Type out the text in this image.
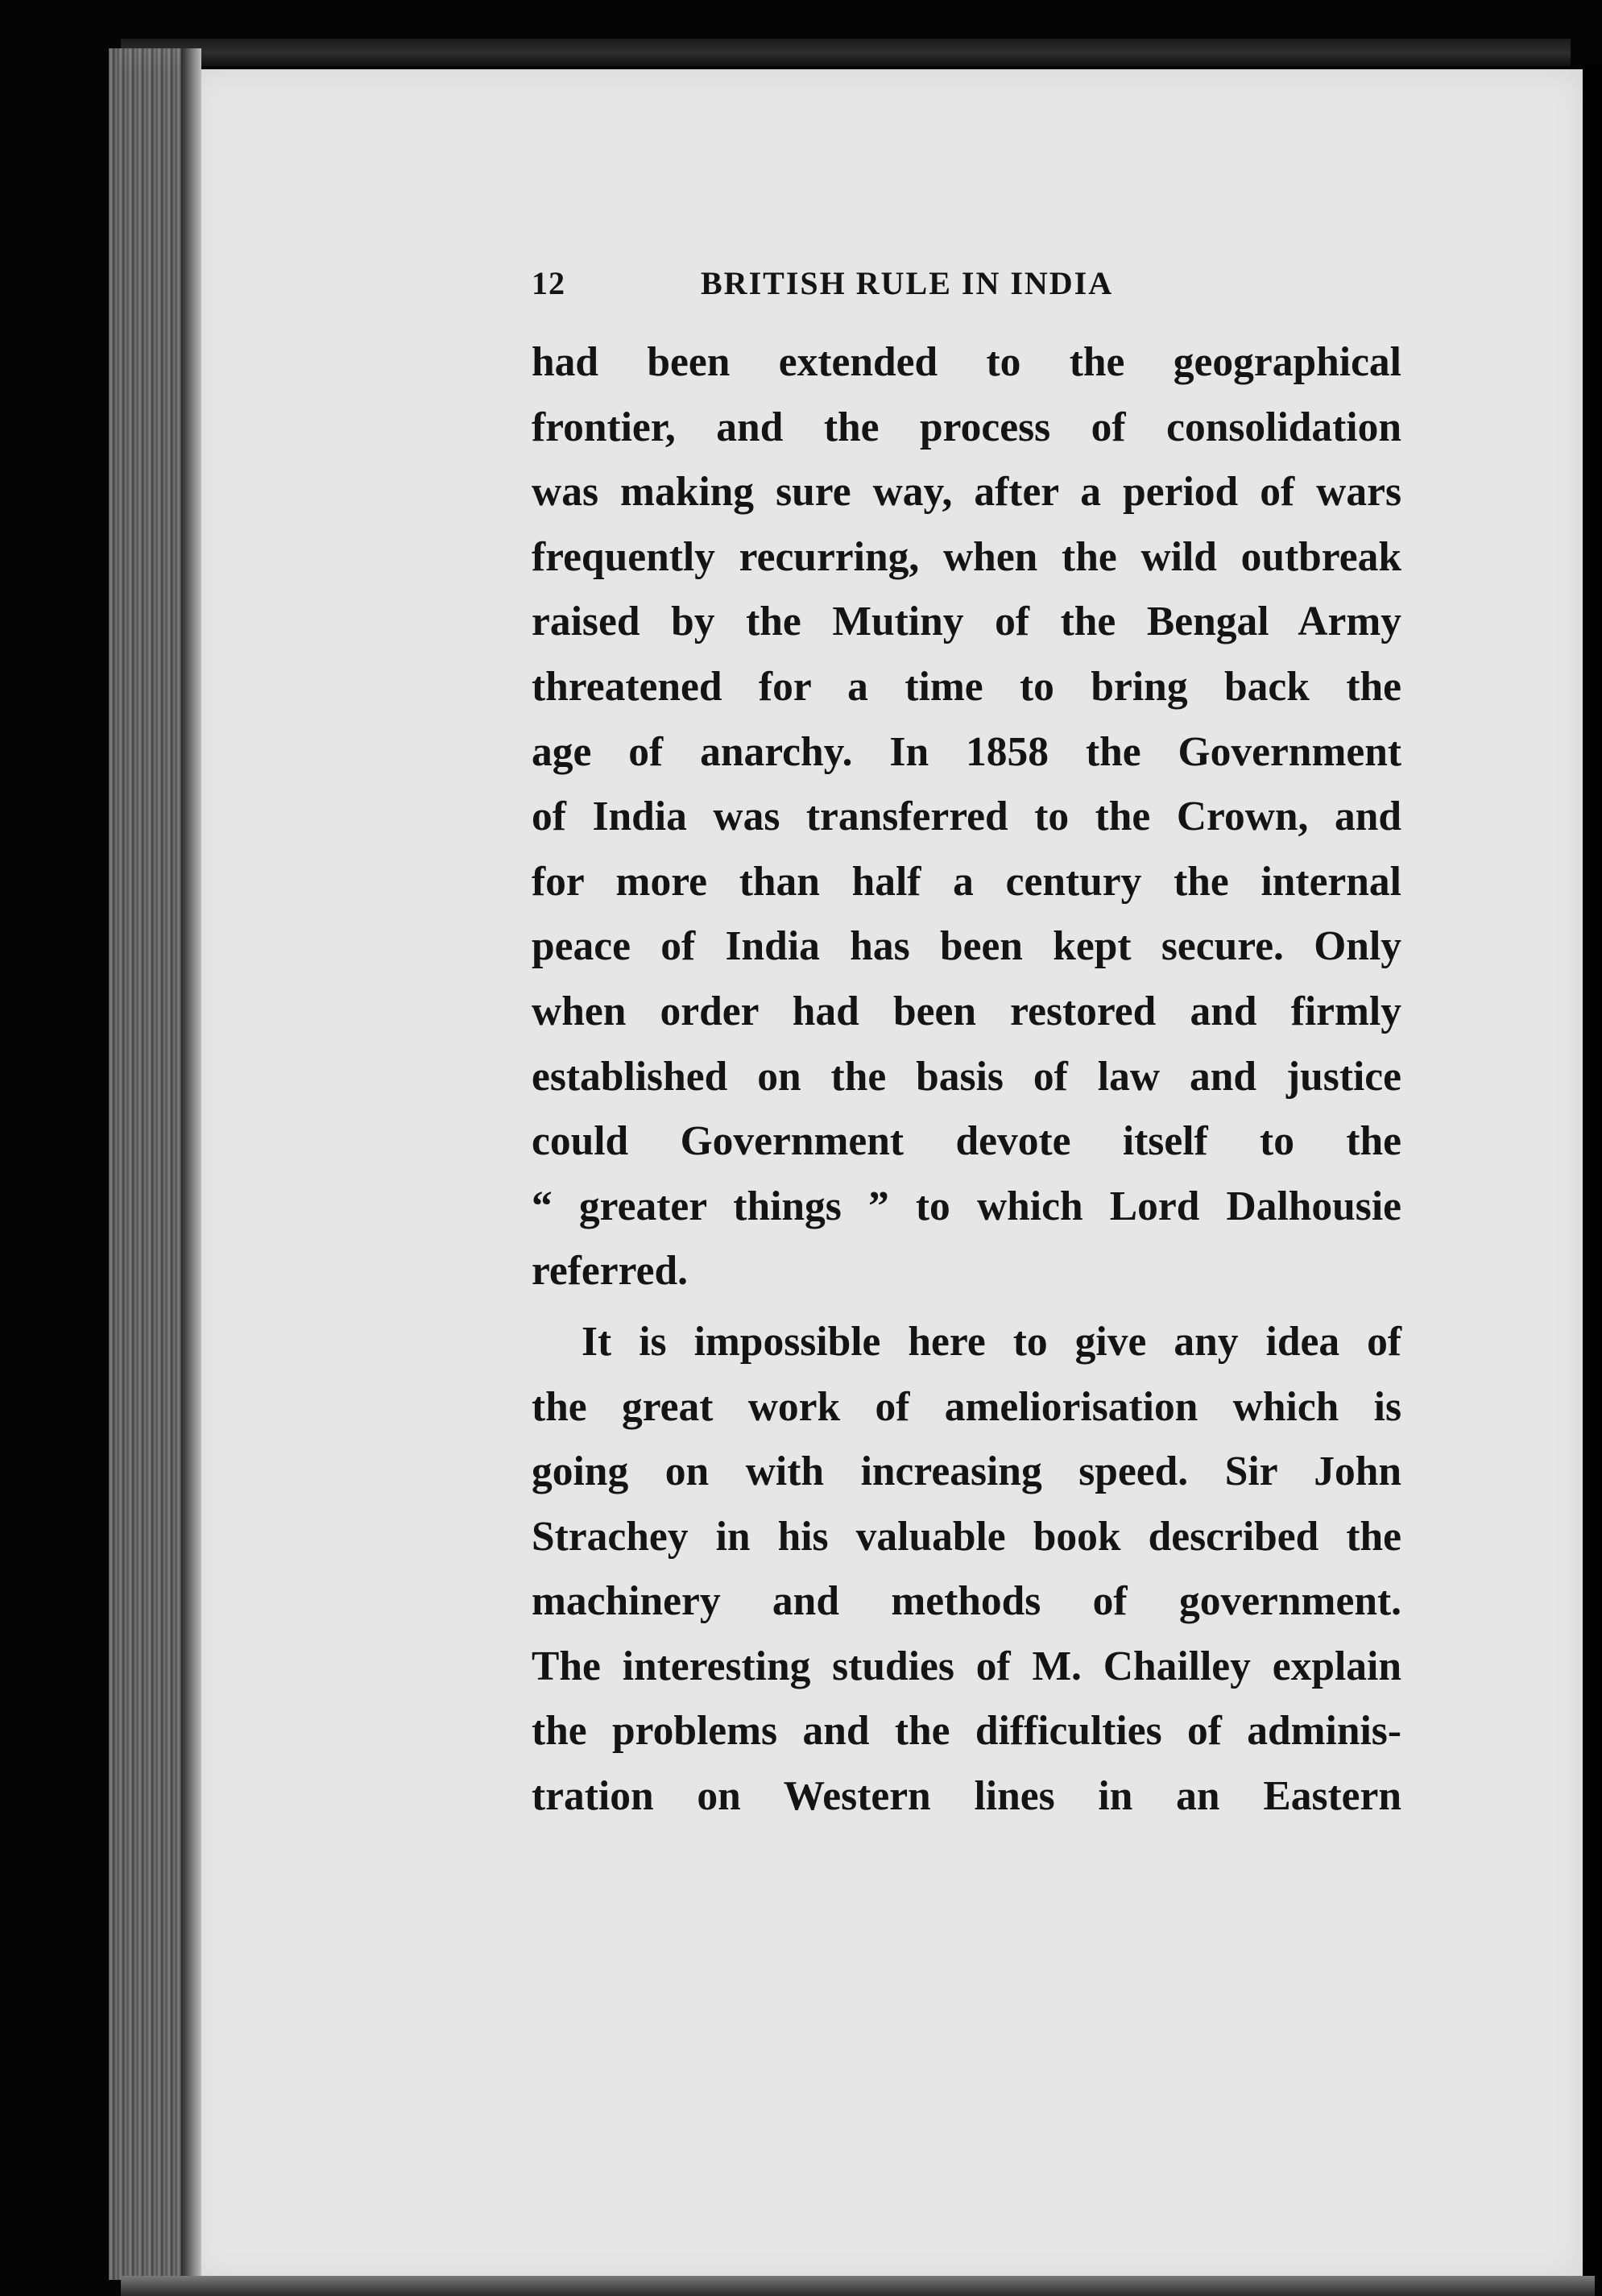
12	BRITISH RULE IN INDIA
had been extended to the geographical
frontier, and the process of consolidation
was making sure way, after a period of wars
frequently recurring, when the wild outbreak
raised by the Mutiny of the Bengal Army
threatened for a time to bring back the
age of anarchy. In 1858 the Government
of India was transferred to the Crown, and
for more than half a century the internal
peace of India has been kept secure. Only
when order had been restored and firmly
established on the basis of law and justice
could Government devote itself to the
“ greater things ” to which Lord Dalhousie
referred.
It is impossible here to give any idea of
the great work of ameliorisation which is
going on with increasing speed. Sir John
Strachey in his valuable book described the
machinery and methods of government.
The interesting studies of M. Chailley explain
the problems and the difficulties of adminis-
tration on Western lines in an Eastern
